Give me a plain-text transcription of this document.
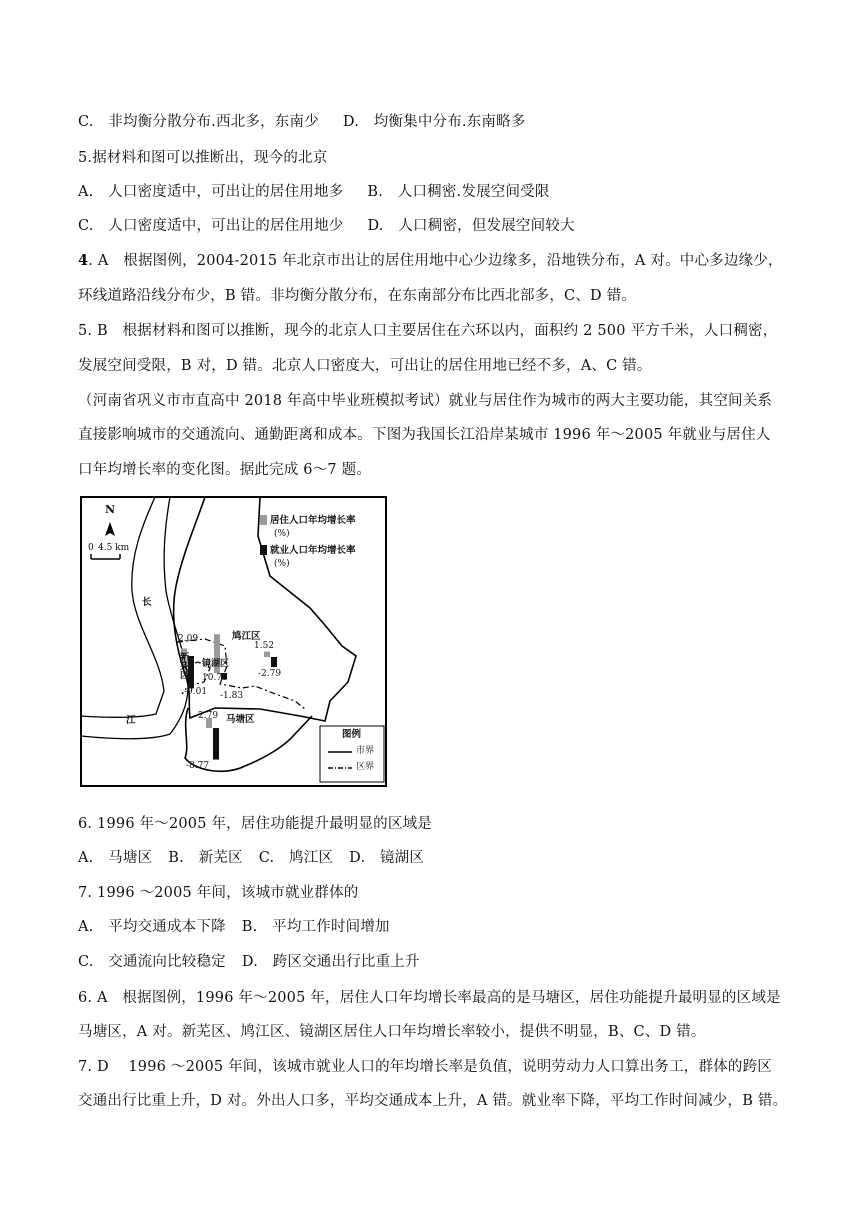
C.　非均衡分散分布.西北多，东南少 D.　均衡集中分布.东南略多
5.据材料和图可以推断出，现今的北京
A.　人口密度适中，可出让的居住用地多 B.　人口稠密.发展空间受限
C.　人口密度适中，可出让的居住用地少 D.　人口稠密，但发展空间较大
4. A　根据图例，2004-2015 年北京市出让的居住用地中心少边缘多，沿地铁分布，A 对。中心多边缘少，
环线道路沿线分布少，B 错。非均衡分散分布，在东南部分布比西北部多，C、D 错。
5. B　根据材料和图可以推断，现今的北京人口主要居住在六环以内，面积约 2 500 平方千米，人口稠密，
发展空间受限，B 对，D 错。北京人口密度大，可出让的居住用地已经不多，A、C 错。
（河南省巩义市市直高中 2018 年高中毕业班模拟考试）就业与居住作为城市的两大主要功能，其空间关系
直接影响城市的交通流向、通勤距离和成本。下图为我国长江沿岸某城市 1996 年～2005 年就业与居住人
口年均增长率的变化图。据此完成 6～7 题。
N
0 4.5 km
居住人口年均增长率
(%)
就业人口年均增长率
(%)
长
江
鸠江区
新芜区 镜湖区
马塘区
图例
市界
区界
2.09
-9.01
10.77
-1.83
1.52
-2.79
2.79
-8.77
6. 1996 年～2005 年，居住功能提升最明显的区域是
A.　马塘区 B.　新芜区 C.　鸠江区 D.　镜湖区
7. 1996 ～2005 年间，该城市就业群体的
A.　平均交通成本下降 B.　平均工作时间增加
C.　交通流向比较稳定 D.　跨区交通出行比重上升
6. A　根据图例，1996 年～2005 年，居住人口年均增长率最高的是马塘区，居住功能提升最明显的区域是
马塘区，A 对。新芜区、鸠江区、镜湖区居住人口年均增长率较小，提供不明显，B、C、D 错。
7. D　 1996 ～2005 年间，该城市就业人口的年均增长率是负值，说明劳动力人口算出务工，群体的跨区
交通出行比重上升，D 对。外出人口多，平均交通成本上升，A 错。就业率下降，平均工作时间减少，B 错。
